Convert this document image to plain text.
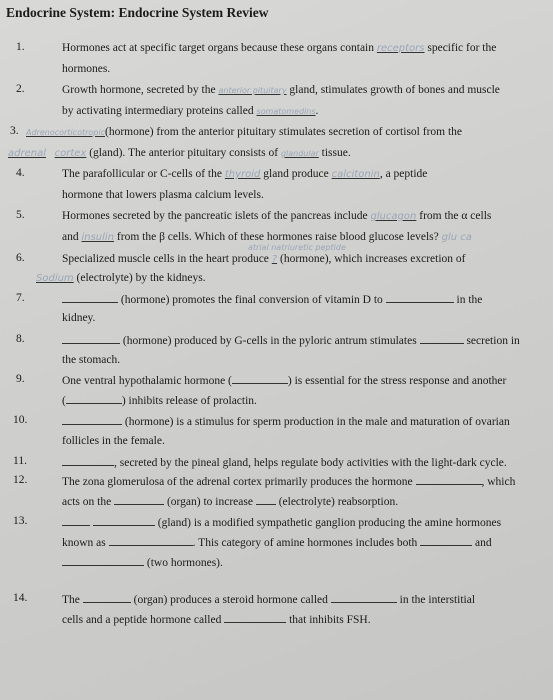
Endocrine System: Endocrine System Review
1.	Hormones act at specific target organs because these organs contain receptors specific for the
hormones.
2.	Growth hormone, secreted by the anterior pituitary gland, stimulates growth of bones and muscle
by activating intermediary proteins called somatomedins.
3. Adrenocorticotropic(hormone) from the anterior pituitary stimulates secretion of cortisol from the
adrenal cortex (gland). The anterior pituitary consists of glandular tissue.
4.	The parafollicular or C-cells of the thyroid gland produce calcitonin, a peptide
hormone that lowers plasma calcium levels.
5.	Hormones secreted by the pancreatic islets of the pancreas include glucagon from the α cells
and insulin from the β cells. Which of these hormones raise blood glucose levels? glu ca
atrial natriuretic peptide
6.	Specialized muscle cells in the heart produce ? (hormone), which increases excretion of
Sodium (electrolyte) by the kidneys.
7.	(hormone) promotes the final conversion of vitamin D to	in the
kidney.
8.	(hormone) produced by G-cells in the pyloric antrum stimulates	secretion in
the stomach.
9.	One ventral hypothalamic hormone (	) is essential for the stress response and another
(	) inhibits release of prolactin.
10.	(hormone) is a stimulus for sperm production in the male and maturation of ovarian
follicles in the female.
11.	, secreted by the pineal gland, helps regulate body activities with the light-dark cycle.
12.	The zona glomerulosa of the adrenal cortex primarily produces the hormone	, which
acts on the	(organ) to increase  (electrolyte) reabsorption.
13.	(gland) is a modified sympathetic ganglion producing the amine hormones
known as	. This category of amine hormones includes both	and
(two hormones).
14.	The	(organ) produces a steroid hormone called	in the interstitial
cells and a peptide hormone called	that inhibits FSH.
